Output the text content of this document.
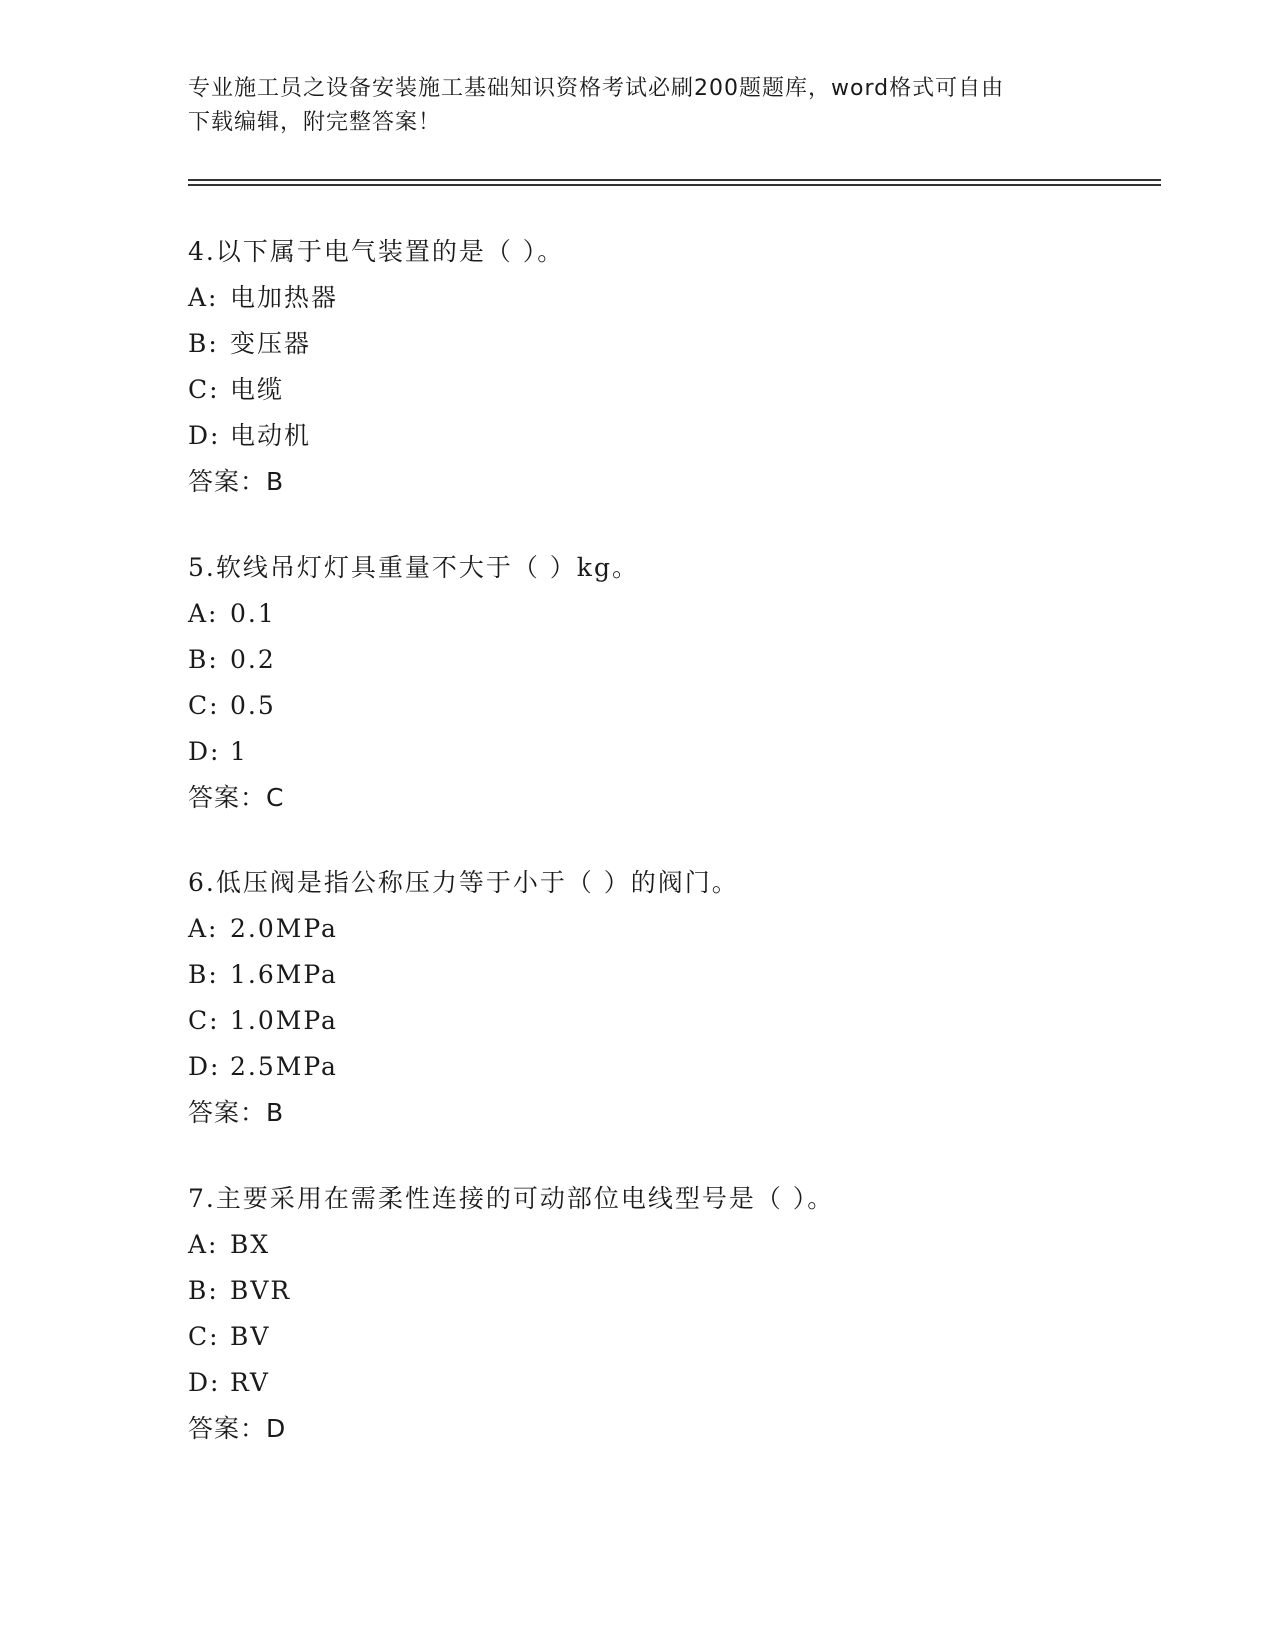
专业施工员之设备安装施工基础知识资格考试必刷200题题库，word格式可自由
下载编辑，附完整答案！
4.以下属于电气装置的是（ ）。
A: 电加热器
B: 变压器
C: 电缆
D: 电动机
答案：B
5.软线吊灯灯具重量不大于（ ）kg。
A: 0.1
B: 0.2
C: 0.5
D: 1
答案：C
6.低压阀是指公称压力等于小于（ ）的阀门。
A: 2.0MPa
B: 1.6MPa
C: 1.0MPa
D: 2.5MPa
答案：B
7.主要采用在需柔性连接的可动部位电线型号是（ ）。
A: BX
B: BVR
C: BV
D: RV
答案：D
